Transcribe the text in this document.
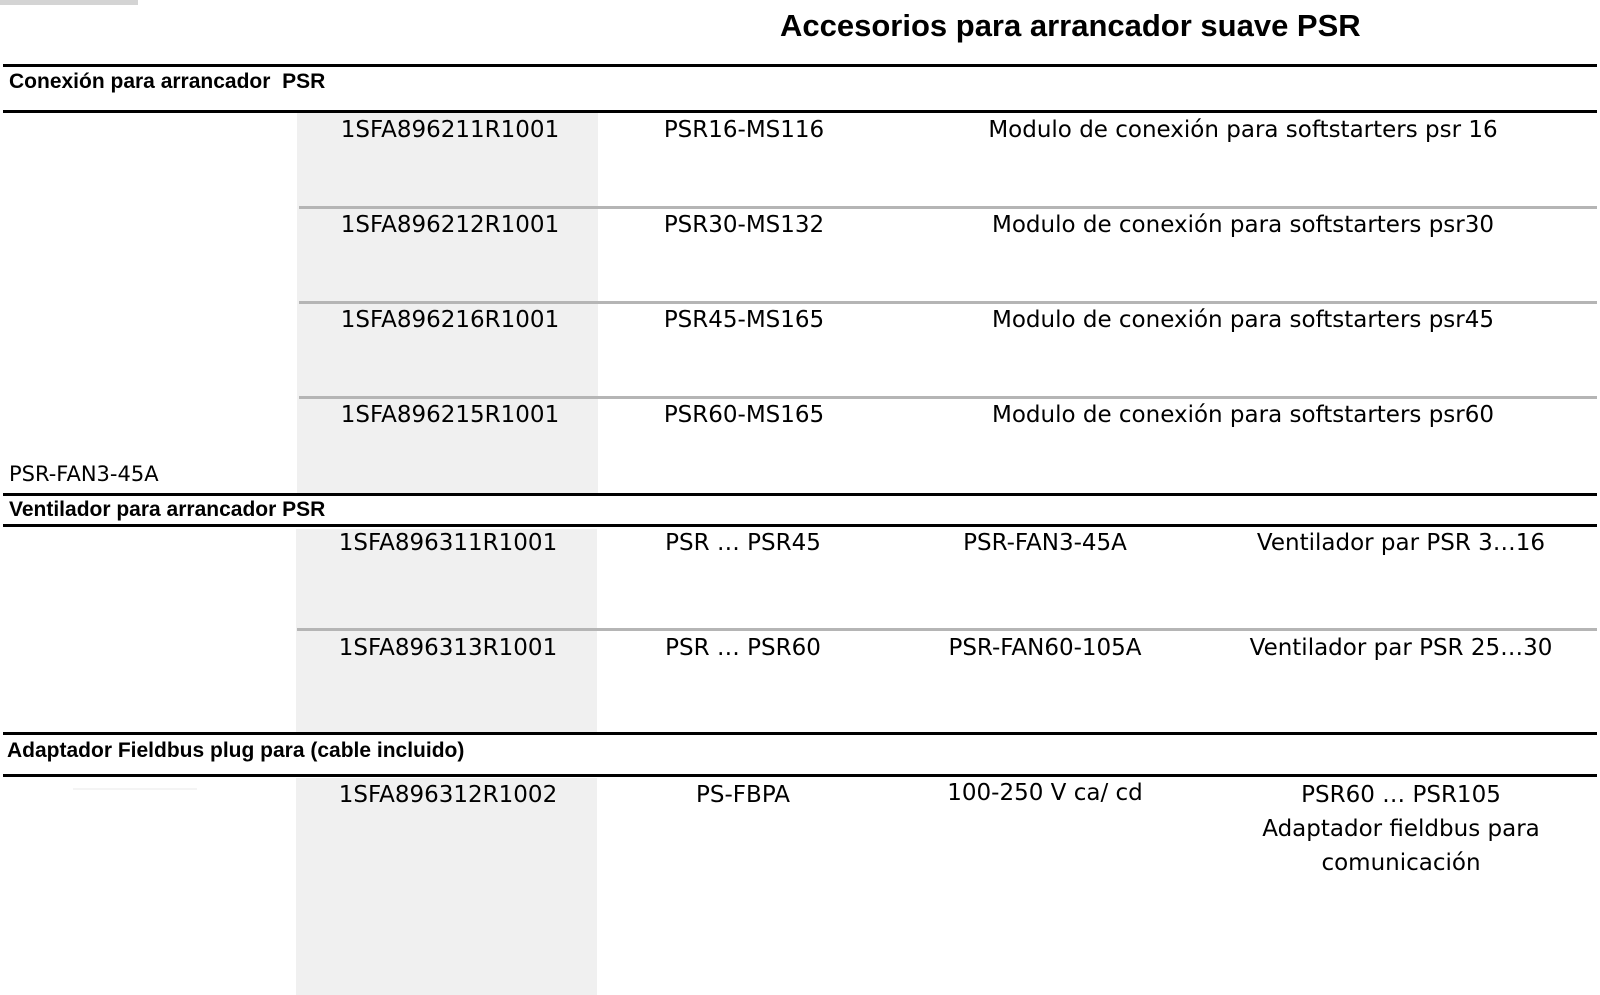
Accesorios para arrancador suave PSR
Conexión para arrancador  PSR
1SFA896211R1001	PSR16-MS116	Modulo de conexión para softstarters psr 16
1SFA896212R1001	PSR30-MS132	Modulo de conexión para softstarters psr30
1SFA896216R1001	PSR45-MS165	Modulo de conexión para softstarters psr45
1SFA896215R1001	PSR60-MS165	Modulo de conexión para softstarters psr60
PSR-FAN3-45A
Ventilador para arrancador PSR
1SFA896311R1001	PSR … PSR45	PSR-FAN3-45A	Ventilador par PSR 3…16
1SFA896313R1001	PSR … PSR60	PSR-FAN60-105A	Ventilador par PSR 25…30
Adaptador Fieldbus plug para (cable incluido)
1SFA896312R1002	PS-FBPA	100-250 V ca/ cd	PSR60 … PSR105
Adaptador fieldbus para
comunicación
